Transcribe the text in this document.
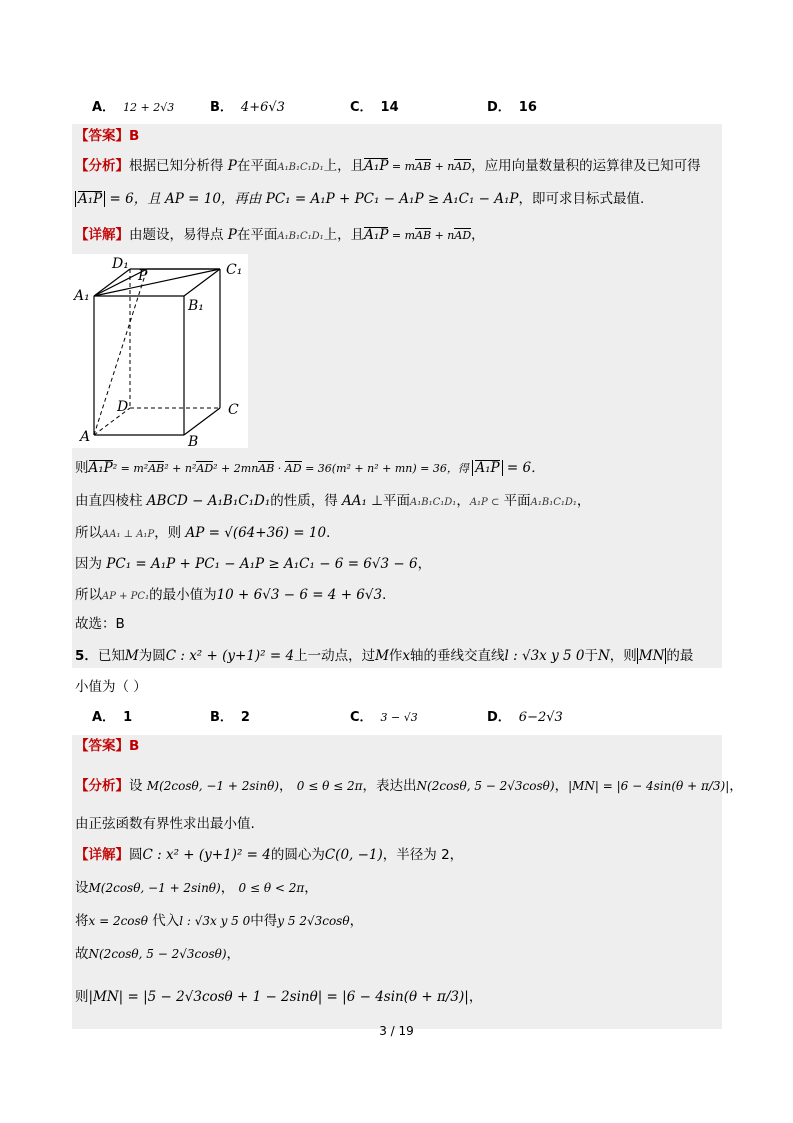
A． 12 + 2√3	B． 4+6√3	C． 14	D． 16
【答案】B
【分析】根据已知分析得 P在平面A₁B₁C₁D₁上，且A₁P = mAB + nAD，应用向量数量积的运算律及已知可得
A₁P = 6，且 AP = 10，再由 PC₁ = A₁P + PC₁ − A₁P ≥ A₁C₁ − A₁P，即可求目标式最值.
【详解】由题设，易得点 P在平面A₁B₁C₁D₁上，且A₁P = mAB + nAD，
D₁
P	C₁
A₁
B₁
D	C
A	B
则A₁P² = m²AB² + n²AD² + 2mnAB · AD = 36(m² + n² + mn) = 36，得 A₁P = 6．
由直四棱柱 ABCD − A₁B₁C₁D₁的性质，得 AA₁ ⊥平面A₁B₁C₁D₁，A₁P ⊂ 平面A₁B₁C₁D₁，
所以AA₁ ⊥ A₁P，则 AP = √(64+36) = 10．
因为 PC₁ = A₁P + PC₁ − A₁P ≥ A₁C₁ − 6 = 6√3 − 6，
所以AP + PC₁的最小值为10 + 6√3 − 6 = 4 + 6√3．
故选：B
5．已知M为圆C : x² + (y+1)² = 4上一动点，过M作x轴的垂线交直线l : √3x y 5 0于N，则 MN 的最
小值为（ ）
A． 1	B． 2	C． 3 − √3	D． 6−2√3
【答案】B
【分析】设 M(2cosθ, −1 + 2sinθ)， 0 ≤ θ ≤ 2π，表达出N(2cosθ, 5 − 2√3cosθ)，|MN| = |6 − 4sin(θ + π/3)|，
由正弦函数有界性求出最小值.
【详解】圆C : x² + (y+1)² = 4的圆心为C(0, −1)，半径为 2，
设M(2cosθ, −1 + 2sinθ)， 0 ≤ θ < 2π，
将x = 2cosθ 代入l : √3x y 5 0中得y 5 2√3cosθ，
故N(2cosθ, 5 − 2√3cosθ)，
则|MN| = |5 − 2√3cosθ + 1 − 2sinθ| = |6 − 4sin(θ + π/3)|，
3 / 19
